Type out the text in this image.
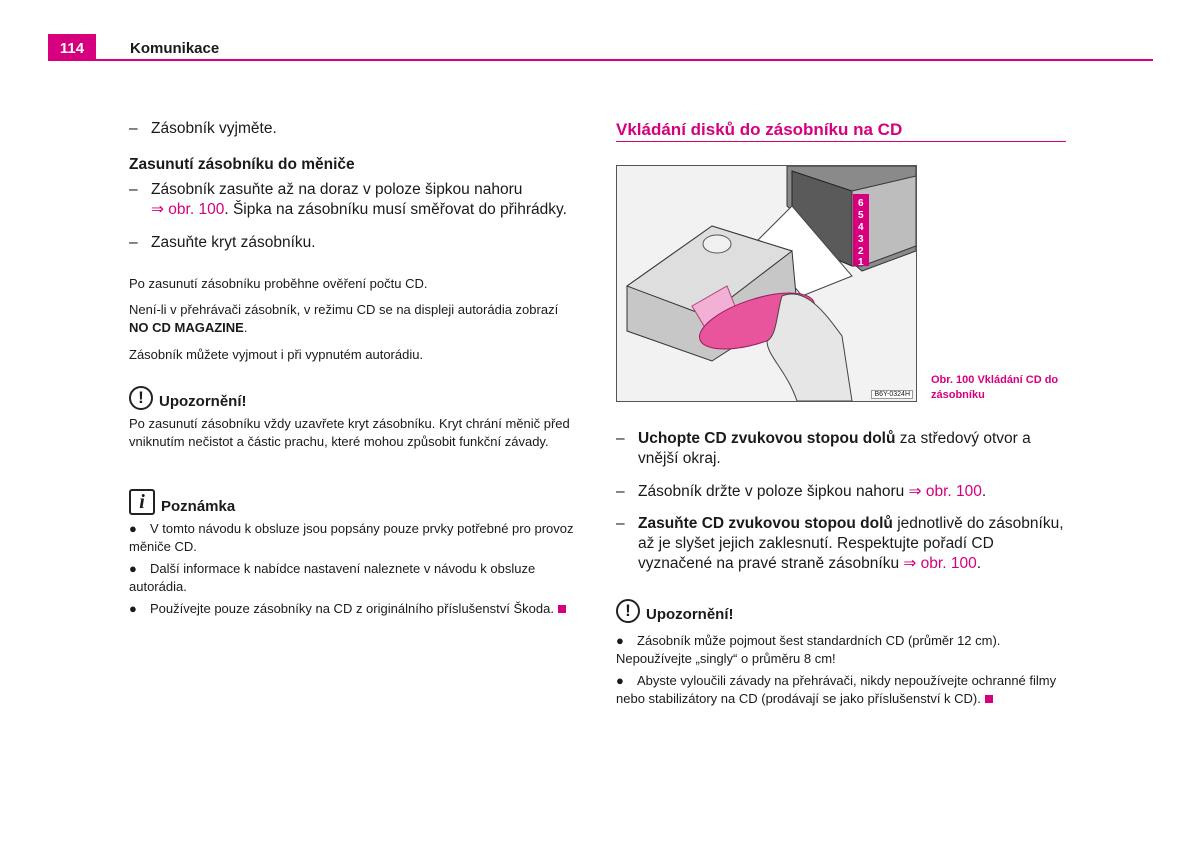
114	Komunikace
– Zásobník vyjměte.
Zasunutí zásobníku do měniče
– Zásobník zasuňte až na doraz v poloze šipkou nahoru
⇒ obr. 100. Šipka na zásobníku musí směřovat do přihrádky.
– Zasuňte kryt zásobníku.
Po zasunutí zásobníku proběhne ověření počtu CD.
Není-li v přehrávači zásobník, v režimu CD se na displeji autorádia zobrazí NO CD MAGAZINE.
Zásobník můžete vyjmout i při vypnutém autorádiu.
!	Upozornění!
Po zasunutí zásobníku vždy uzavřete kryt zásobníku. Kryt chrání měnič před vniknutím nečistot a částic prachu, které mohou způsobit funkční závady.
i	Poznámka
● V tomto návodu k obsluze jsou popsány pouze prvky potřebné pro provoz měniče CD.
● Další informace k nabídce nastavení naleznete v návodu k obsluze autorádia.
● Používejte pouze zásobníky na CD z originálního příslušenství Škoda.
Vkládání disků do zásobníku na CD
6
5
4
3
2
1
B6Y-0324H
Obr. 100 Vkládání CD do zásobníku
– Uchopte CD zvukovou stopou dolů za středový otvor a vnější okraj.
– Zásobník držte v poloze šipkou nahoru ⇒ obr. 100.
– Zasuňte CD zvukovou stopou dolů jednotlivě do zásobníku, až je slyšet jejich zaklesnutí. Respektujte pořadí CD vyznačené na pravé straně zásobníku ⇒ obr. 100.
!	Upozornění!
● Zásobník může pojmout šest standardních CD (průměr 12 cm). Nepoužívejte „singly“ o průměru 8 cm!
● Abyste vyloučili závady na přehrávači, nikdy nepoužívejte ochranné filmy nebo stabilizátory na CD (prodávají se jako příslušenství k CD).
